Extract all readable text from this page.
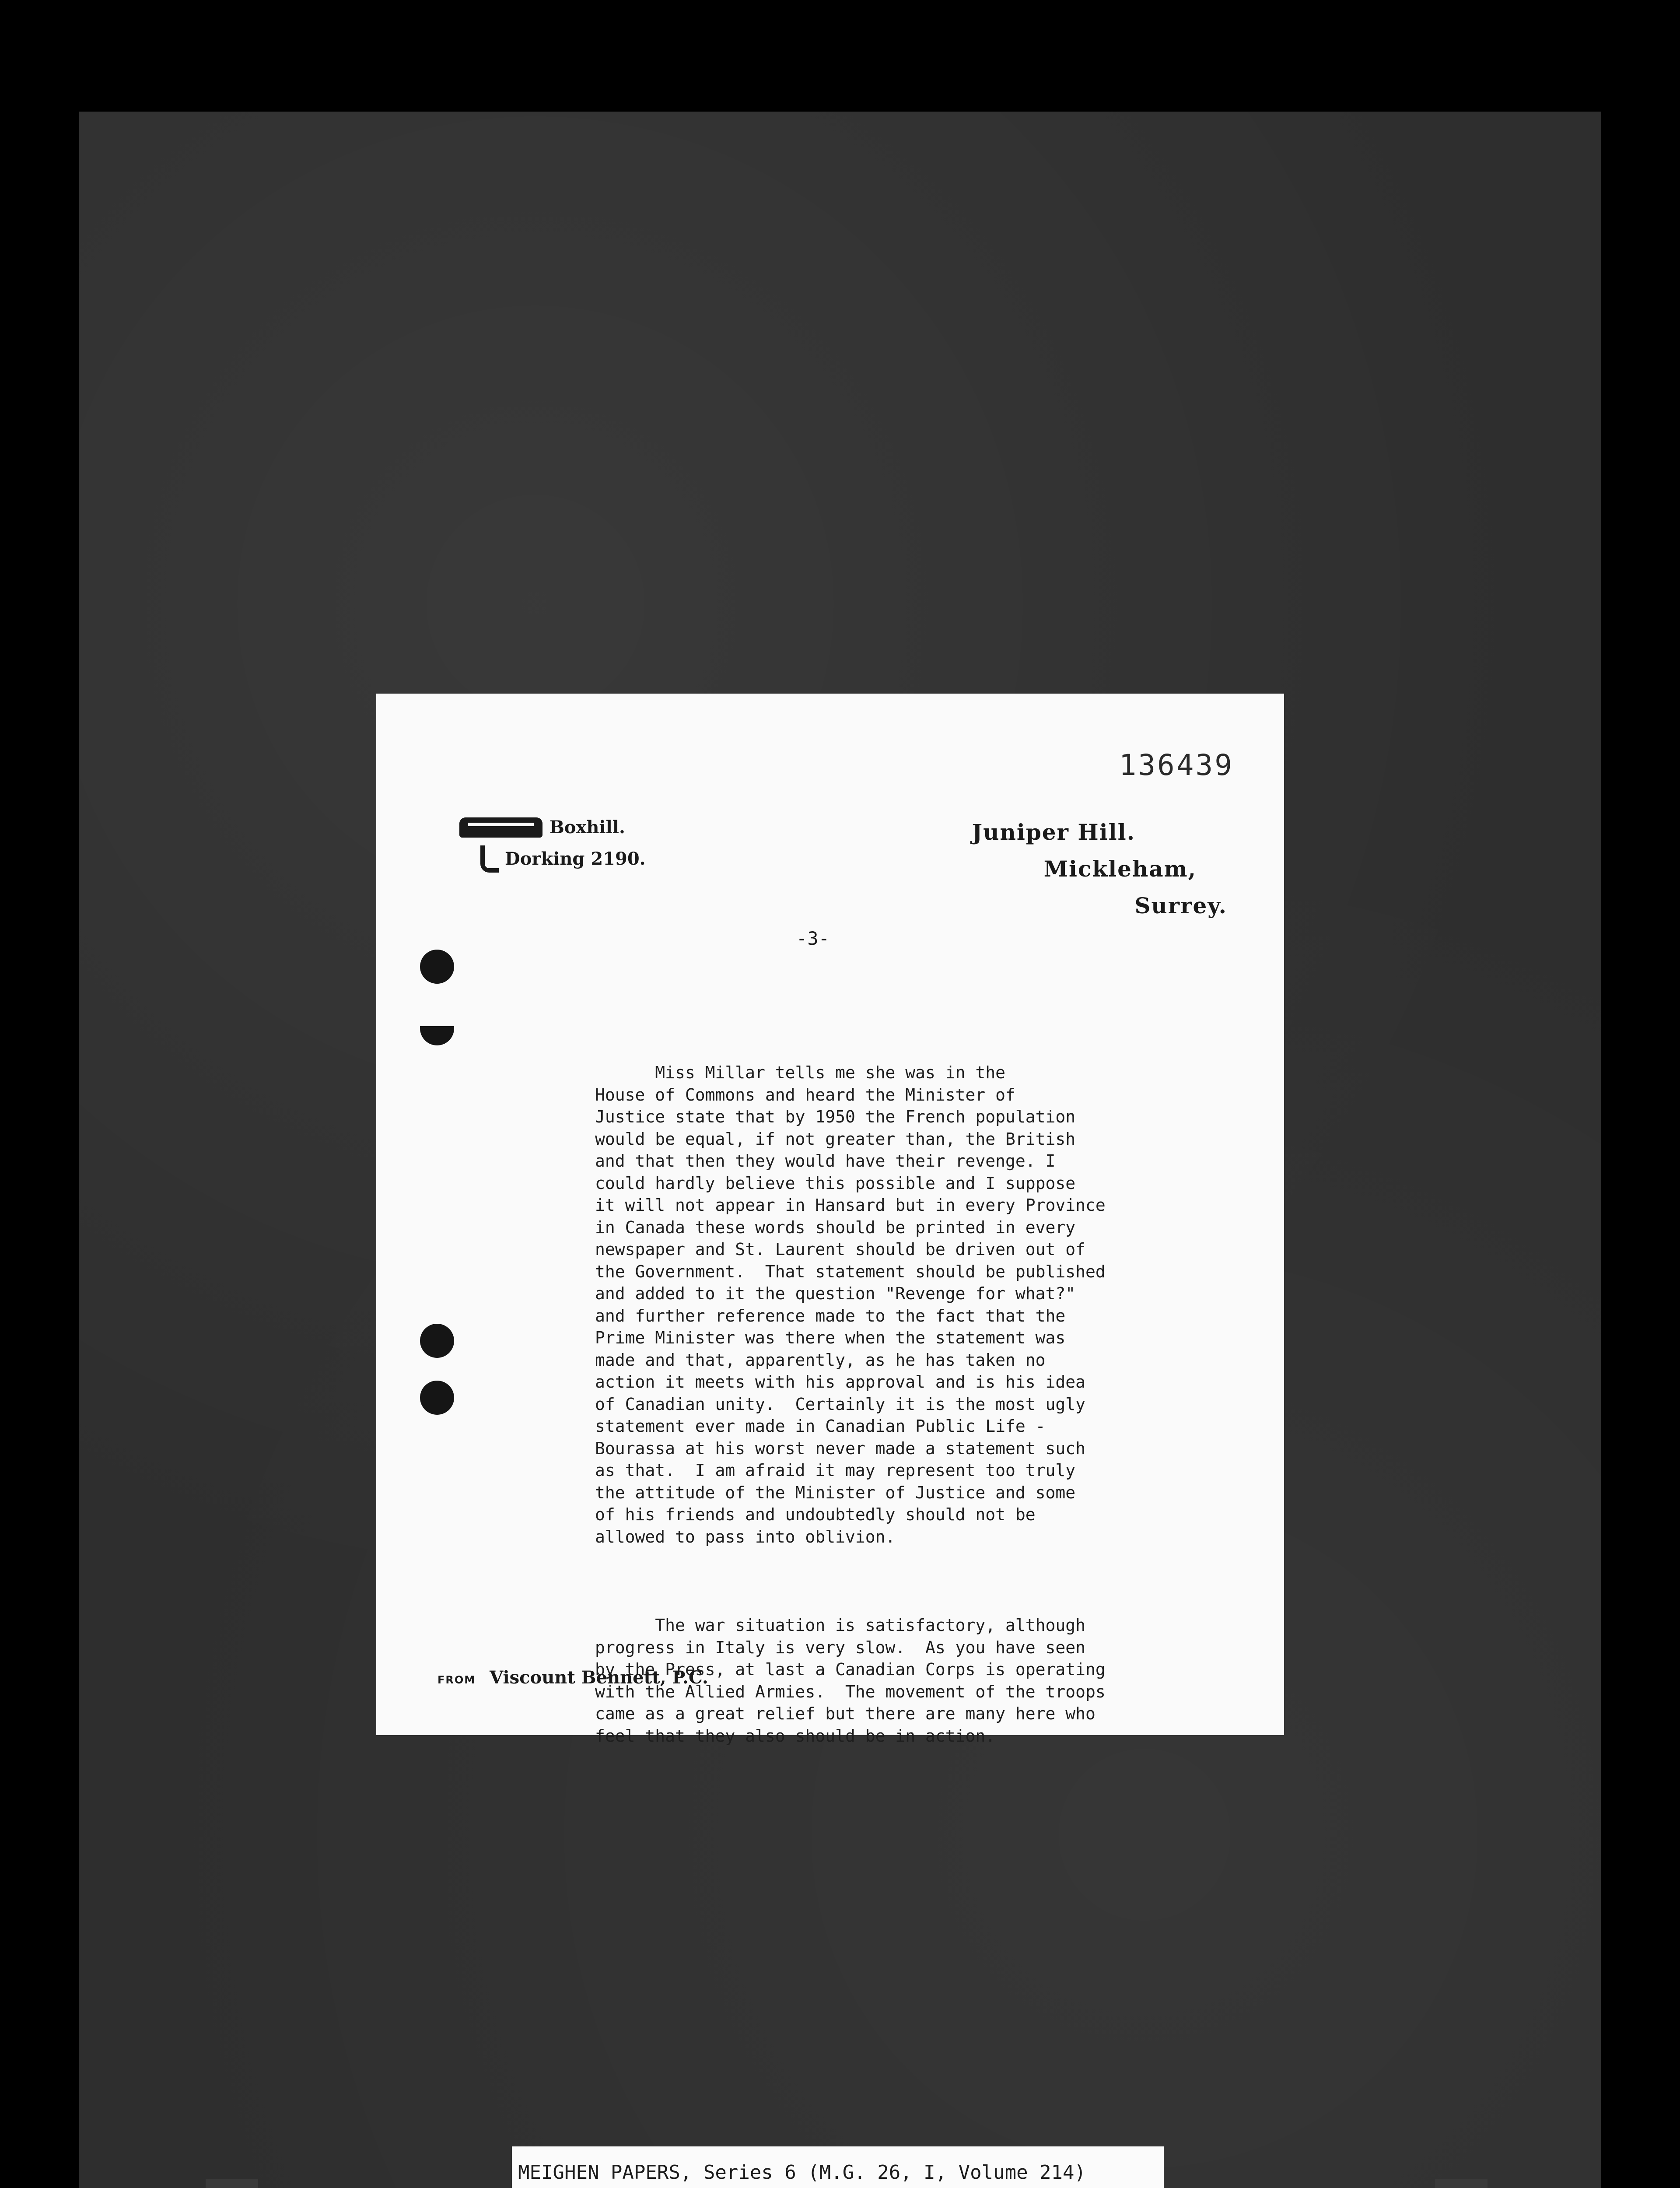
136439
Boxhill.
Dorking 2190.
Juniper Hill.
Mickleham,
Surrey.
-3-

Miss Millar tells me she was in the
House of Commons and heard the Minister of
Justice state that by 1950 the French population
would be equal, if not greater than, the British
and that then they would have their revenge. I
could hardly believe this possible and I suppose
it will not appear in Hansard but in every Province
in Canada these words should be printed in every
newspaper and St. Laurent should be driven out of
the Government.  That statement should be published
and added to it the question "Revenge for what?"
and further reference made to the fact that the
Prime Minister was there when the statement was
made and that, apparently, as he has taken no
action it meets with his approval and is his idea
of Canadian unity.  Certainly it is the most ugly
statement ever made in Canadian Public Life -
Bourassa at his worst never made a statement such
as that.  I am afraid it may represent too truly
the attitude of the Minister of Justice and some
of his friends and undoubtedly should not be
allowed to pass into oblivion.

The war situation is satisfactory, although
progress in Italy is very slow.  As you have seen
by the Press, at last a Canadian Corps is operating
with the Allied Armies.  The movement of the troops
came as a great relief but there are many here who
feel that they also should be in action.

FROM Viscount Bennett, P.C.
MEIGHEN PAPERS, Series 6 (M.G. 26, I, Volume 214)
